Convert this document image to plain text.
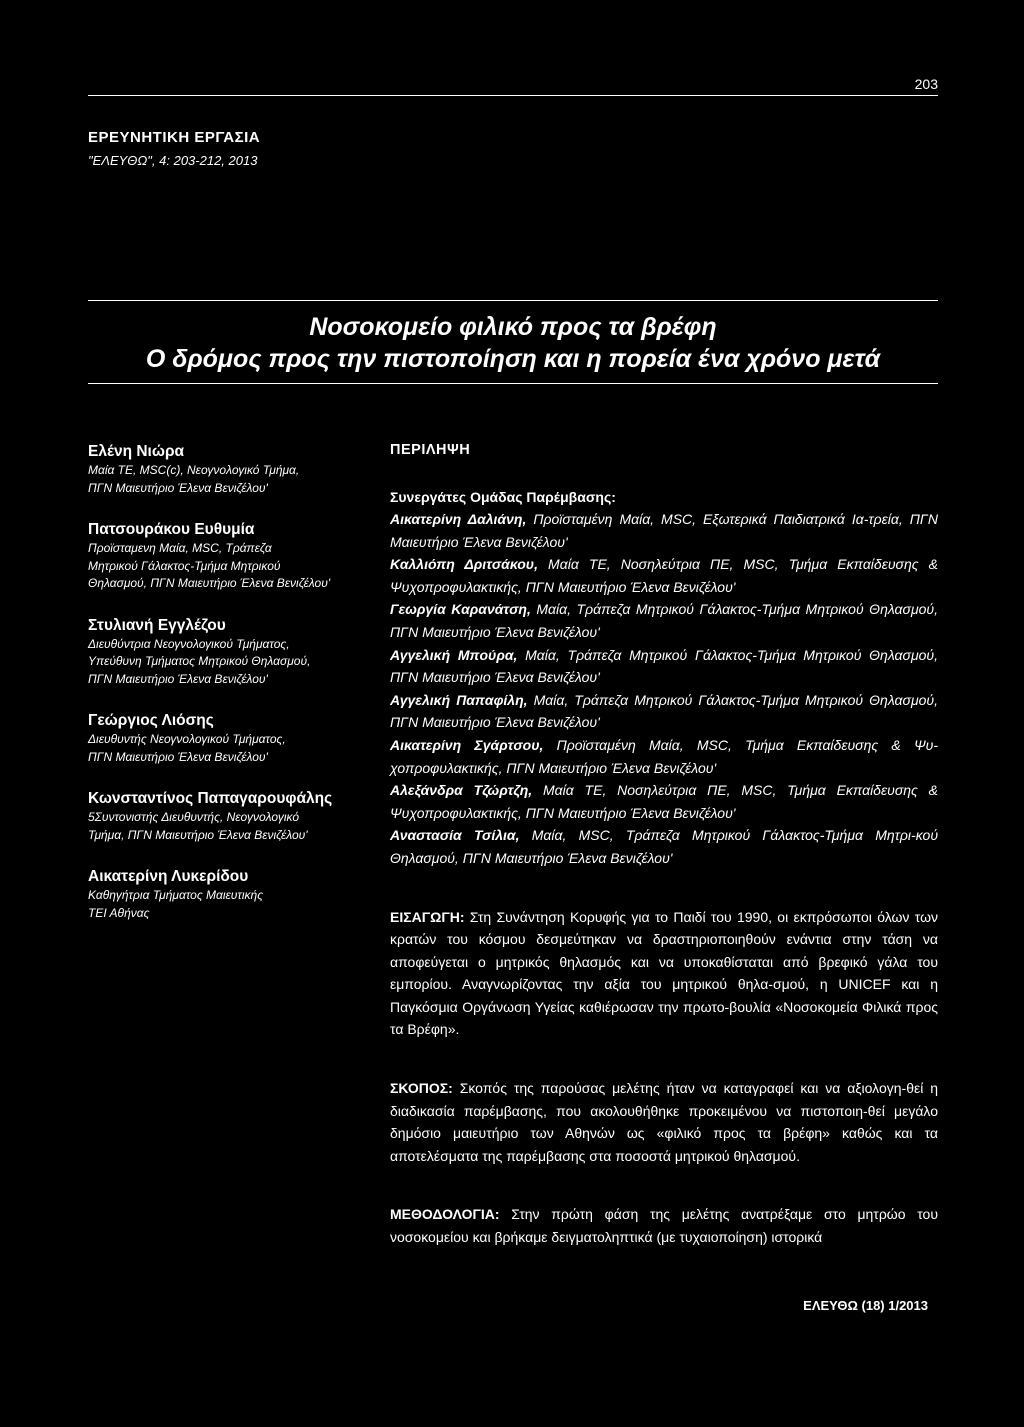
203
ΕΡΕΥΝΗΤΙΚΗ ΕΡΓΑΣΙΑ
"ΕΛΕΥΘΩ", 4: 203-212, 2013
Νοσοκομείο φιλικό προς τα βρέφη
Ο δρόμος προς την πιστοποίηση και η πορεία ένα χρόνο μετά
Ελένη Νιώρα
Μαία ΤΕ, MSC(c), Νεογνολογικό Τμήμα,
ΠΓΝ Μαιευτήριο Έλενα Βενιζέλου'
Πατσουράκου Ευθυμία
Προϊσταμενη Μαία, MSC, Τράπεζα
Μητρικού Γάλακτος-Τμήμα Μητρικού
Θηλασμού, ΠΓΝ Μαιευτήριο Έλενα Βενιζέλου'
Στυλιανή Εγγλέζου
Διευθύντρια Νεογνολογικού Τμήματος,
Υπεύθυνη Τμήματος Μητρικού Θηλασμού,
ΠΓΝ Μαιευτήριο Έλενα Βενιζέλου'
Γεώργιος Λιόσης
Διευθυντής Νεογνολογικού Τμήματος,
ΠΓΝ Μαιευτήριο Έλενα Βενιζέλου'
Κωνσταντίνος Παπαγαρουφάλης
5Συντονιστής Διευθυντής, Νεογνολογικό
Τμήμα, ΠΓΝ Μαιευτήριο Έλενα Βενιζέλου'
Αικατερίνη Λυκερίδου
Καθηγήτρια Τμήματος Μαιευτικής
ΤΕΙ Αθήνας
ΠΕΡΙΛΗΨΗ
Συνεργάτες Ομάδας Παρέμβασης:
Αικατερίνη Δαλιάνη, Προϊσταμένη Μαία, MSC, Εξωτερικά Παιδιατρικά Ια-τρεία, ΠΓΝ Μαιευτήριο Έλενα Βενιζέλου'
Καλλιόπη Δριτσάκου, Μαία ΤΕ, Νοσηλεύτρια ΠΕ, MSC, Τμήμα Εκπαίδευσης & Ψυχοπροφυλακτικής, ΠΓΝ Μαιευτήριο Έλενα Βενιζέλου'
Γεωργία Καρανάτση, Μαία, Τράπεζα Μητρικού Γάλακτος-Τμήμα Μητρικού Θηλασμού, ΠΓΝ Μαιευτήριο Έλενα Βενιζέλου'
Αγγελική Μπούρα, Μαία, Τράπεζα Μητρικού Γάλακτος-Τμήμα Μητρικού Θηλασμού, ΠΓΝ Μαιευτήριο Έλενα Βενιζέλου'
Αγγελική Παπαφίλη, Μαία, Τράπεζα Μητρικού Γάλακτος-Τμήμα Μητρικού Θηλασμού, ΠΓΝ Μαιευτήριο Έλενα Βενιζέλου'
Αικατερίνη Σγάρτσου, Προϊσταμένη Μαία, MSC, Τμήμα Εκπαίδευσης & Ψυ-χοπροφυλακτικής, ΠΓΝ Μαιευτήριο Έλενα Βενιζέλου'
Αλεξάνδρα Τζώρτζη, Μαία ΤΕ, Νοσηλεύτρια ΠΕ, MSC, Τμήμα Εκπαίδευσης & Ψυχοπροφυλακτικής, ΠΓΝ Μαιευτήριο Έλενα Βενιζέλου'
Αναστασία Τσίλια, Μαία, MSC, Τράπεζα Μητρικού Γάλακτος-Τμήμα Μητρι-κού Θηλασμού, ΠΓΝ Μαιευτήριο Έλενα Βενιζέλου'
ΕΙΣΑΓΩΓΗ: Στη Συνάντηση Κορυφής για το Παιδί του 1990, οι εκπρόσωποι όλων των κρατών του κόσμου δεσμεύτηκαν να δραστηριοποιηθούν ενάντια στην τάση να αποφεύγεται ο μητρικός θηλασμός και να υποκαθίσταται από βρεφικό γάλα του εμπορίου. Αναγνωρίζοντας την αξία του μητρικού θηλα-σμού, η UNICEF και η Παγκόσμια Οργάνωση Υγείας καθιέρωσαν την πρωτο-βουλία «Νοσοκομεία Φιλικά προς τα Βρέφη».
ΣΚΟΠΟΣ: Σκοπός της παρούσας μελέτης ήταν να καταγραφεί και να αξιολογη-θεί η διαδικασία παρέμβασης, που ακολουθήθηκε προκειμένου να πιστοποιη-θεί μεγάλο δημόσιο μαιευτήριο των Αθηνών ως «φιλικό προς τα βρέφη» καθώς και τα αποτελέσματα της παρέμβασης στα ποσοστά μητρικού θηλασμού.
ΜΕΘΟΔΟΛΟΓΙΑ: Στην πρώτη φάση της μελέτης ανατρέξαμε στο μητρώο του νοσοκομείου και βρήκαμε δειγματοληπτικά (με τυχαιοποίηση) ιστορικά
ΕΛΕΥΘΩ (18) 1/2013
